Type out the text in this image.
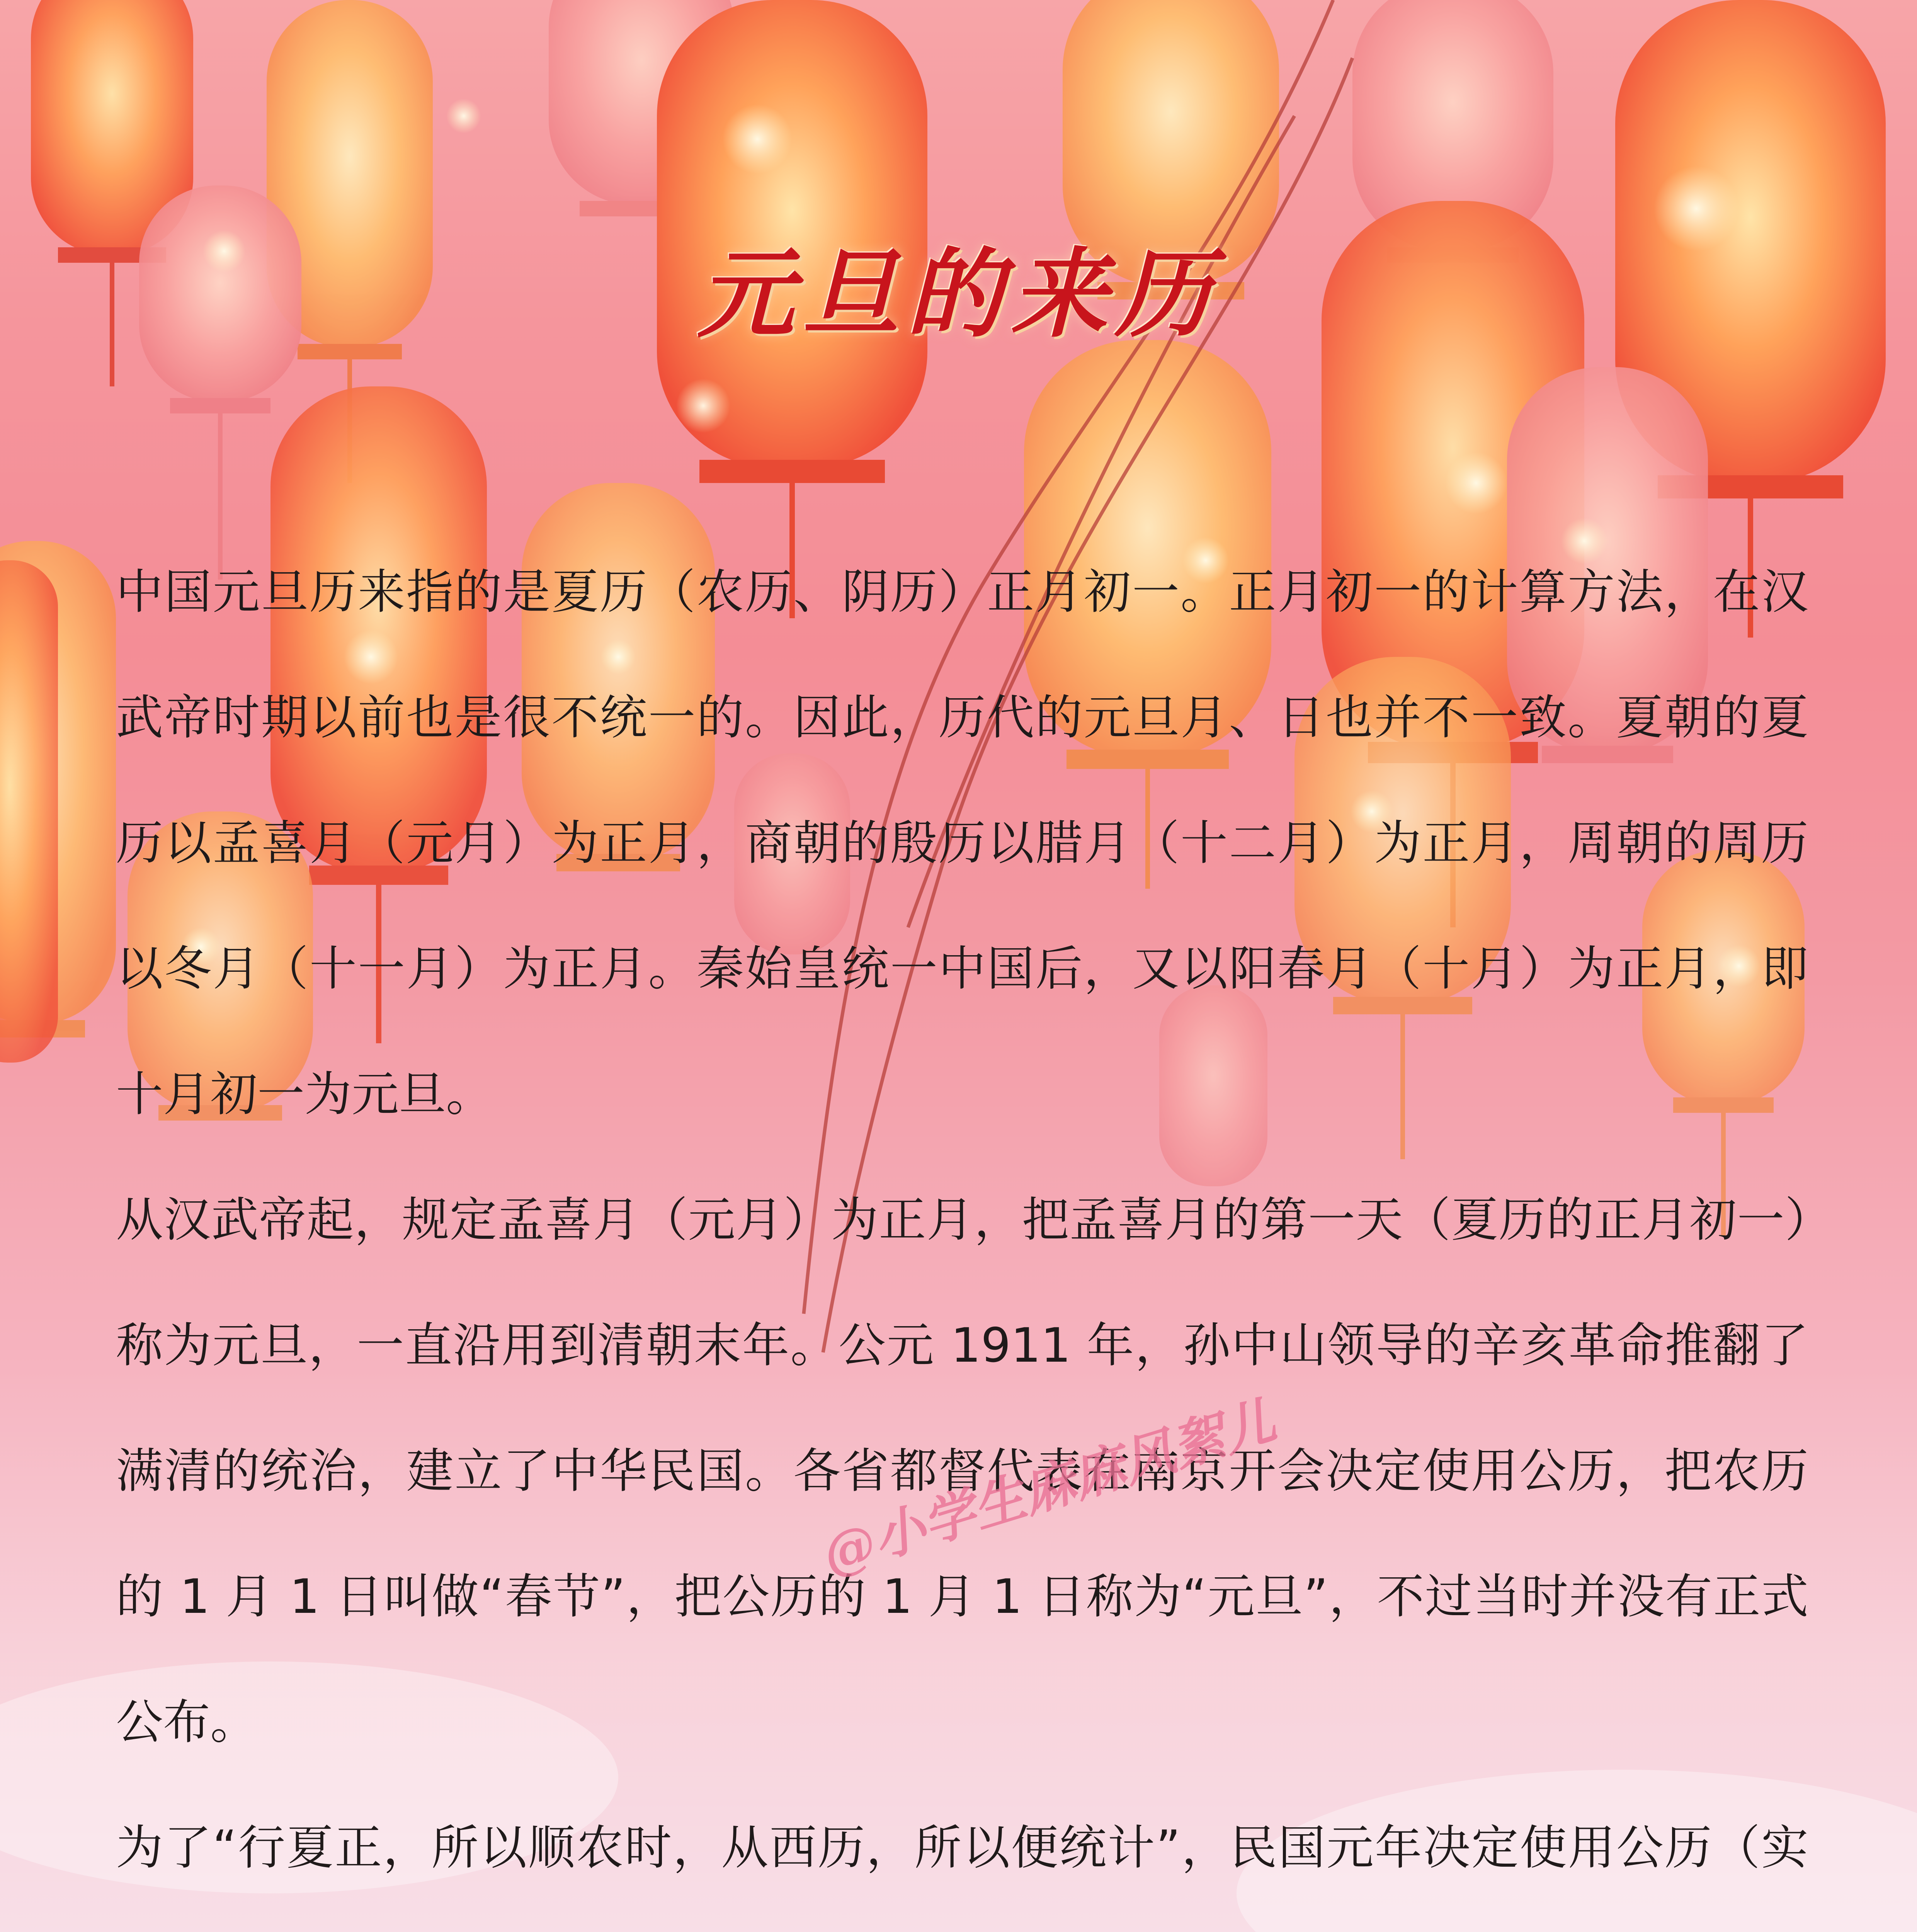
元旦的来历

中国元旦历来指的是夏历（农历、阴历）正月初一。正月初一的计算方法，在汉武帝时期以前也是很不统一的。因此，历代的元旦月、日也并不一致。夏朝的夏历以孟喜月（元月）为正月，商朝的殷历以腊月（十二月）为正月，周朝的周历以冬月（十一月）为正月。秦始皇统一中国后，又以阳春月（十月）为正月，即十月初一为元旦。

从汉武帝起，规定孟喜月（元月）为正月，把孟喜月的第一天（夏历的正月初一）称为元旦，一直沿用到清朝末年。公元 1911 年，孙中山领导的辛亥革命推翻了满清的统治，建立了中华民国。各省都督代表在南京开会决定使用公历，把农历的 1 月 1 日叫做“春节”，把公历的 1 月 1 日称为“元旦”，不过当时并没有正式公布。

为了“行夏正，所以顺农时，从西历，所以便统计”，民国元年决定使用公历（实

@小学生麻麻风絮儿
